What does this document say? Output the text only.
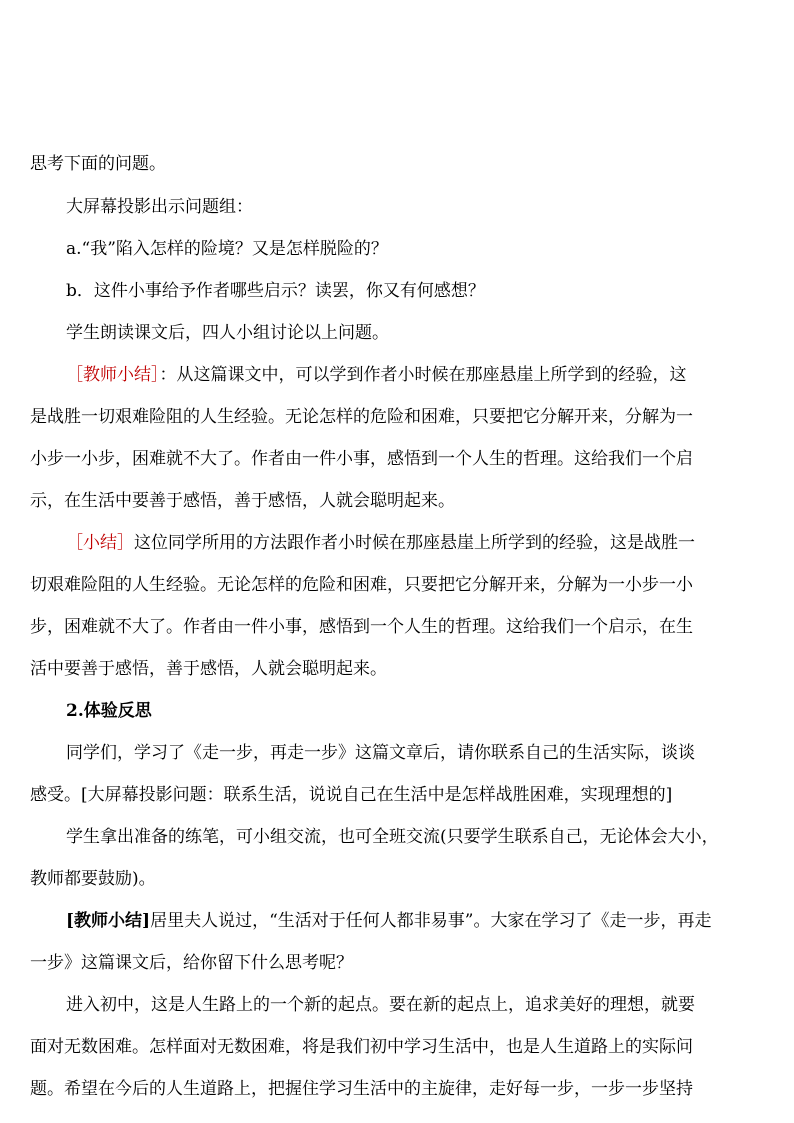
思考下面的问题。
大屏幕投影出示问题组：
a.“我”陷入怎样的险境？又是怎样脱险的？
b．这件小事给予作者哪些启示？读罢，你又有何感想？
学生朗读课文后，四人小组讨论以上问题。
［教师小结］：从这篇课文中，可以学到作者小时候在那座悬崖上所学到的经验，这
是战胜一切艰难险阻的人生经验。无论怎样的危险和困难，只要把它分解开来，分解为一
小步一小步，困难就不大了。作者由一件小事，感悟到一个人生的哲理。这给我们一个启
示，在生活中要善于感悟，善于感悟，人就会聪明起来。
［小结］这位同学所用的方法跟作者小时候在那座悬崖上所学到的经验，这是战胜一
切艰难险阻的人生经验。无论怎样的危险和困难，只要把它分解开来，分解为一小步一小
步，困难就不大了。作者由一件小事，感悟到一个人生的哲理。这给我们一个启示，在生
活中要善于感悟，善于感悟，人就会聪明起来。
2.体验反思
同学们，学习了《走一步，再走一步》这篇文章后，请你联系自己的生活实际，谈谈
感受。[大屏幕投影问题：联系生活，说说自己在生活中是怎样战胜困难，实现理想的]
学生拿出准备的练笔，可小组交流，也可全班交流(只要学生联系自己，无论体会大小，
教师都要鼓励)。
[教师小结]居里夫人说过，“生活对于任何人都非易事”。大家在学习了《走一步，再走
一步》这篇课文后，给你留下什么思考呢？
进入初中，这是人生路上的一个新的起点。要在新的起点上，追求美好的理想，就要
面对无数困难。怎样面对无数困难，将是我们初中学习生活中，也是人生道路上的实际问
题。希望在今后的人生道路上，把握住学习生活中的主旋律，走好每一步，一步一步坚持
